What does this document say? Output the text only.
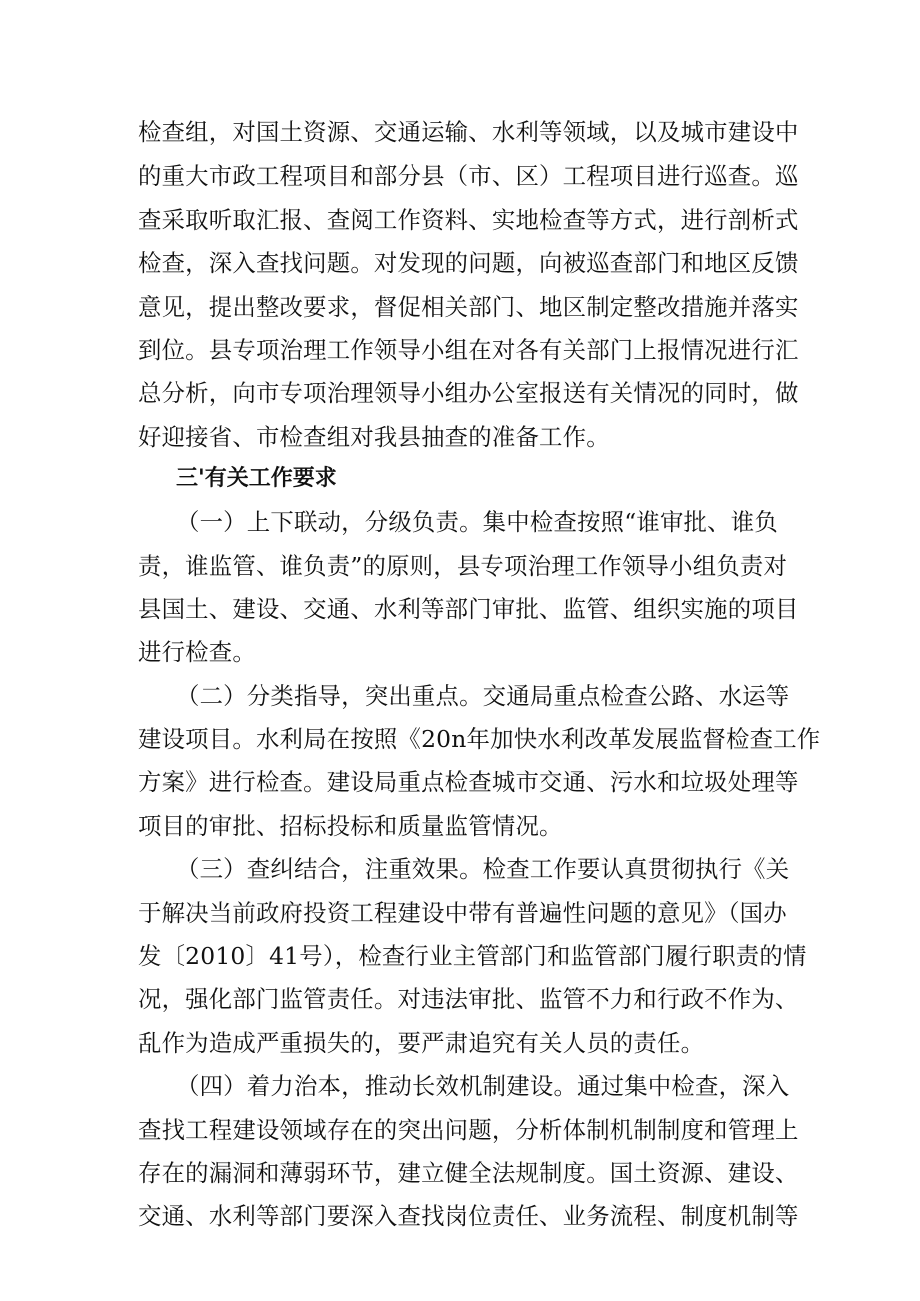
检查组，对国土资源、交通运输、水利等领域，以及城市建设中
的重大市政工程项目和部分县（市、区）工程项目进行巡查。巡
查采取听取汇报、查阅工作资料、实地检查等方式，进行剖析式
检查，深入查找问题。对发现的问题，向被巡查部门和地区反馈
意见，提出整改要求，督促相关部门、地区制定整改措施并落实
到位。县专项治理工作领导小组在对各有关部门上报情况进行汇
总分析，向市专项治理领导小组办公室报送有关情况的同时，做
好迎接省、市检查组对我县抽查的准备工作。
三'有关工作要求
（一）上下联动，分级负责。集中检查按照“谁审批、谁负
责，谁监管、谁负责”的原则，县专项治理工作领导小组负责对
县国土、建设、交通、水利等部门审批、监管、组织实施的项目
进行检查。
（二）分类指导，突出重点。交通局重点检查公路、水运等
建设项目。水利局在按照《20n年加快水利改革发展监督检查工作
方案》进行检查。建设局重点检查城市交通、污水和垃圾处理等
项目的审批、招标投标和质量监管情况。
（三）查纠结合，注重效果。检查工作要认真贯彻执行《关
于解决当前政府投资工程建设中带有普遍性问题的意见》（国办
发〔2010〕41号），检查行业主管部门和监管部门履行职责的情
况，强化部门监管责任。对违法审批、监管不力和行政不作为、
乱作为造成严重损失的，要严肃追究有关人员的责任。
（四）着力治本，推动长效机制建设。通过集中检查，深入
查找工程建设领域存在的突出问题，分析体制机制制度和管理上
存在的漏洞和薄弱环节，建立健全法规制度。国土资源、建设、
交通、水利等部门要深入查找岗位责任、业务流程、制度机制等
